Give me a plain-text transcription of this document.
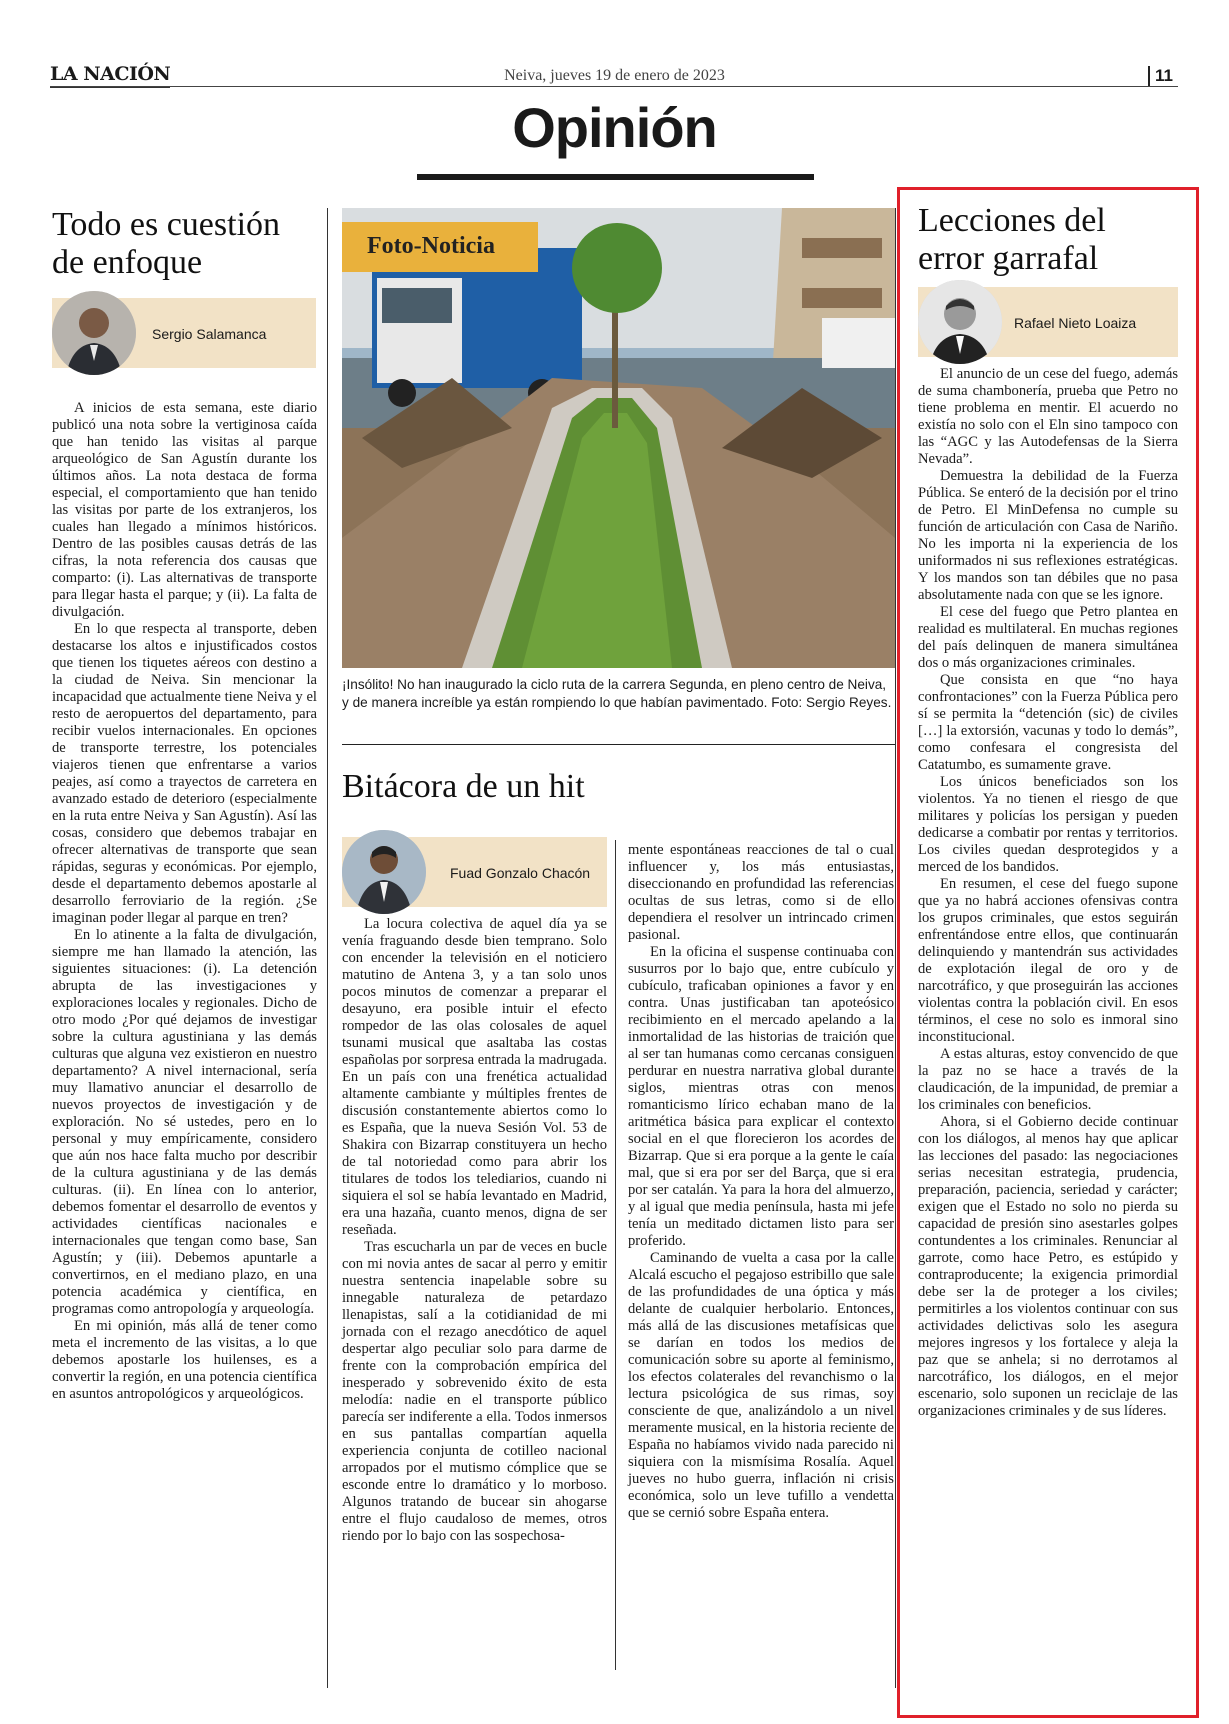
LA NACIÓN	Neiva, jueves 19 de enero de 2023	11
Opinión
Todo es cuestión
de enfoque
Sergio Salamanca

A inicios de esta semana, este diario publicó una nota sobre la vertiginosa caída que han tenido las visitas al parque arqueológico de San Agustín durante los últimos años. La nota destaca de forma especial, el comportamiento que han tenido las visitas por parte de los extranjeros, los cuales han llegado a mínimos históricos. Dentro de las posibles causas detrás de las cifras, la nota referencia dos causas que comparto: (i). Las alternativas de transporte para llegar hasta el parque; y (ii). La falta de divulgación.

En lo que respecta al transporte, deben destacarse los altos e injustificados costos que tienen los tiquetes aéreos con destino a la ciudad de Neiva. Sin mencionar la incapacidad que actualmente tiene Neiva y el resto de aeropuertos del departamento, para recibir vuelos internacionales. En opciones de transporte terrestre, los potenciales viajeros tienen que enfrentarse a varios peajes, así como a trayectos de carretera en avanzado estado de deterioro (especialmente en la ruta entre Neiva y San Agustín). Así las cosas, considero que debemos trabajar en ofrecer alternativas de transporte que sean rápidas, seguras y económicas. Por ejemplo, desde el departamento debemos apostarle al desarrollo ferroviario de la región. ¿Se imaginan poder llegar al parque en tren?

En lo atinente a la falta de divulgación, siempre me han llamado la atención, las siguientes situaciones: (i). La detención abrupta de las investigaciones y exploraciones locales y regionales. Dicho de otro modo ¿Por qué dejamos de investigar sobre la cultura agustiniana y las demás culturas que alguna vez existieron en nuestro departamento? A nivel internacional, sería muy llamativo anunciar el desarrollo de nuevos proyectos de investigación y de exploración. No sé ustedes, pero en lo personal y muy empíricamente, considero que aún nos hace falta mucho por describir de la cultura agustiniana y de las demás culturas. (ii). En línea con lo anterior, debemos fomentar el desarrollo de eventos y actividades científicas nacionales e internacionales que tengan como base, San Agustín; y (iii). Debemos apuntarle a convertirnos, en el mediano plazo, en una potencia académica y científica, en programas como antropología y arqueología.

En mi opinión, más allá de tener como meta el incremento de las visitas, a lo que debemos apostarle los huilenses, es a convertir la región, en una potencia científica en asuntos antropológicos y arqueológicos.

Foto-Noticia
¡Insólito! No han inaugurado la ciclo ruta de la carrera Segunda, en pleno centro de Neiva, y de manera increíble ya están rompiendo lo que habían pavimentado. Foto: Sergio Reyes.
Bitácora de un hit
Fuad Gonzalo Chacón

La locura colectiva de aquel día ya se venía fraguando desde bien temprano. Solo con encender la televisión en el noticiero matutino de Antena 3, y a tan solo unos pocos minutos de comenzar a preparar el desayuno, era posible intuir el efecto rompedor de las olas colosales de aquel tsunami musical que asaltaba las costas españolas por sorpresa entrada la madrugada. En un país con una frenética actualidad altamente cambiante y múltiples frentes de discusión constantemente abiertos como lo es España, que la nueva Sesión Vol. 53 de Shakira con Bizarrap constituyera un hecho de tal notoriedad como para abrir los titulares de todos los telediarios, cuando ni siquiera el sol se había levantado en Madrid, era una hazaña, cuanto menos, digna de ser reseñada.

Tras escucharla un par de veces en bucle con mi novia antes de sacar al perro y emitir nuestra sentencia inapelable sobre su innegable naturaleza de petardazo llenapistas, salí a la cotidianidad de mi jornada con el rezago anecdótico de aquel despertar algo peculiar solo para darme de frente con la comprobación empírica del inesperado y sobrevenido éxito de esta melodía: nadie en el transporte público parecía ser indiferente a ella. Todos inmersos en sus pantallas compartían aquella experiencia conjunta de cotilleo nacional arropados por el mutismo cómplice que se esconde entre lo dramático y lo morboso. Algunos tratando de bucear sin ahogarse entre el flujo caudaloso de memes, otros riendo por lo bajo con las sospechosa-

mente espontáneas reacciones de tal o cual influencer y, los más entusiastas, diseccionando en profundidad las referencias ocultas de sus letras, como si de ello dependiera el resolver un intrincado crimen pasional.

En la oficina el suspense continuaba con susurros por lo bajo que, entre cubículo y cubículo, traficaban opiniones a favor y en contra. Unas justificaban tan apoteósico recibimiento en el mercado apelando a la inmortalidad de las historias de traición que al ser tan humanas como cercanas consiguen perdurar en nuestra narrativa global durante siglos, mientras otras con menos romanticismo lírico echaban mano de la aritmética básica para explicar el contexto social en el que florecieron los acordes de Bizarrap. Que si era porque a la gente le caía mal, que si era por ser del Barça, que si era por ser catalán. Ya para la hora del almuerzo, y al igual que media península, hasta mi jefe tenía un meditado dictamen listo para ser proferido.

Caminando de vuelta a casa por la calle Alcalá escucho el pegajoso estribillo que sale de las profundidades de una óptica y más delante de cualquier herbolario. Entonces, más allá de las discusiones metafísicas que se darían en todos los medios de comunicación sobre su aporte al feminismo, los efectos colaterales del revanchismo o la lectura psicológica de sus rimas, soy consciente de que, analizándolo a un nivel meramente musical, en la historia reciente de España no habíamos vivido nada parecido ni siquiera con la mismísima Rosalía. Aquel jueves no hubo guerra, inflación ni crisis económica, solo un leve tufillo a vendetta que se cernió sobre España entera.

Lecciones del
error garrafal
Rafael Nieto Loaiza

El anuncio de un cese del fuego, además de suma chambonería, prueba que Petro no tiene problema en mentir. El acuerdo no existía no solo con el Eln sino tampoco con las “AGC y las Autodefensas de la Sierra Nevada”.

Demuestra la debilidad de la Fuerza Pública. Se enteró de la decisión por el trino de Petro. El MinDefensa no cumple su función de articulación con Casa de Nariño. No les importa ni la experiencia de los uniformados ni sus reflexiones estratégicas. Y los mandos son tan débiles que no pasa absolutamente nada con que se les ignore.

El cese del fuego que Petro plantea en realidad es multilateral. En muchas regiones del país delinquen de manera simultánea dos o más organizaciones criminales.

Que consista en que “no haya confrontaciones” con la Fuerza Pública pero sí se permita la “detención (sic) de civiles […] la extorsión, vacunas y todo lo demás”, como confesara el congresista del Catatumbo, es sumamente grave.

Los únicos beneficiados son los violentos. Ya no tienen el riesgo de que militares y policías los persigan y pueden dedicarse a combatir por rentas y territorios. Los civiles quedan desprotegidos y a merced de los bandidos.

En resumen, el cese del fuego supone que ya no habrá acciones ofensivas contra los grupos criminales, que estos seguirán enfrentándose entre ellos, que continuarán delinquiendo y mantendrán sus actividades de explotación ilegal de oro y de narcotráfico, y que proseguirán las acciones violentas contra la población civil. En esos términos, el cese no solo es inmoral sino inconstitucional.

A estas alturas, estoy convencido de que la paz no se hace a través de la claudicación, de la impunidad, de premiar a los criminales con beneficios.

Ahora, si el Gobierno decide continuar con los diálogos, al menos hay que aplicar las lecciones del pasado: las negociaciones serias necesitan estrategia, prudencia, preparación, paciencia, seriedad y carácter; exigen que el Estado no solo no pierda su capacidad de presión sino asestarles golpes contundentes a los criminales. Renunciar al garrote, como hace Petro, es estúpido y contraproducente; la exigencia primordial debe ser la de proteger a los civiles; permitirles a los violentos continuar con sus actividades delictivas solo les asegura mejores ingresos y los fortalece y aleja la paz que se anhela; si no derrotamos al narcotráfico, los diálogos, en el mejor escenario, solo suponen un reciclaje de las organizaciones criminales y de sus líderes.
